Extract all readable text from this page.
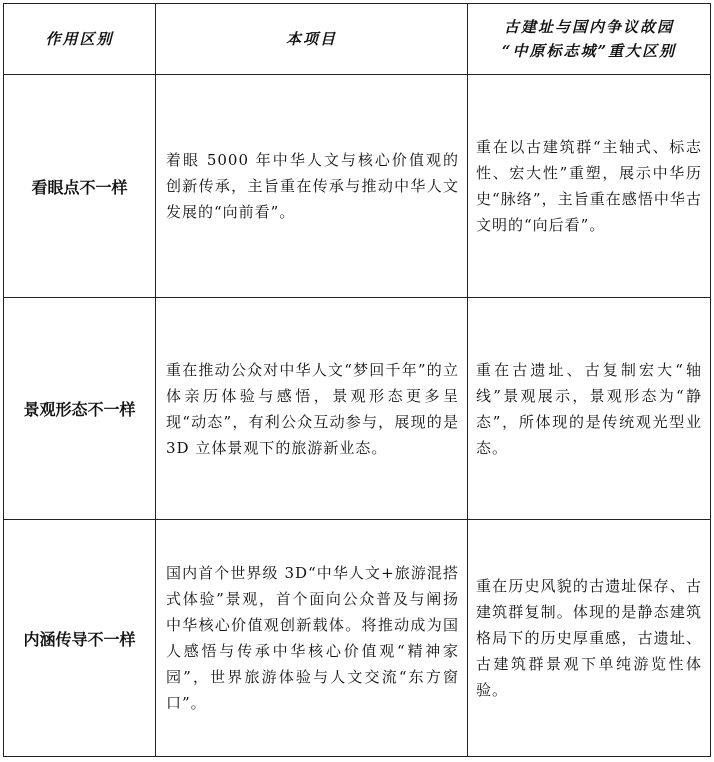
作用区别	本项目	古建址与国内争议故园
“中原标志城”重大区别

看眼点不一样	着眼 5000 年中华人文与核心价值观的创新传承，主旨重在传承与推动中华人文发展的“向前看”。	重在以古建筑群“主轴式、标志性、宏大性”重塑，展示中华历史“脉络”，主旨重在感悟中华古文明的“向后看”。

景观形态不一样	重在推动公众对中华人文“梦回千年”的立体亲历体验与感悟，景观形态更多呈现“动态”，有利公众互动参与，展现的是 3D 立体景观下的旅游新业态。	重在古遗址、古复制宏大“轴线”景观展示，景观形态为“静态”，所体现的是传统观光型业态。

内涵传导不一样	国内首个世界级 3D“中华人文+旅游混搭式体验”景观，首个面向公众普及与阐扬中华核心价值观创新载体。将推动成为国人感悟与传承中华核心价值观“精神家园”，世界旅游体验与人文交流“东方窗口”。	重在历史风貌的古遗址保存、古建筑群复制。体现的是静态建筑格局下的历史厚重感，古遗址、古建筑群景观下单纯游览性体验。
